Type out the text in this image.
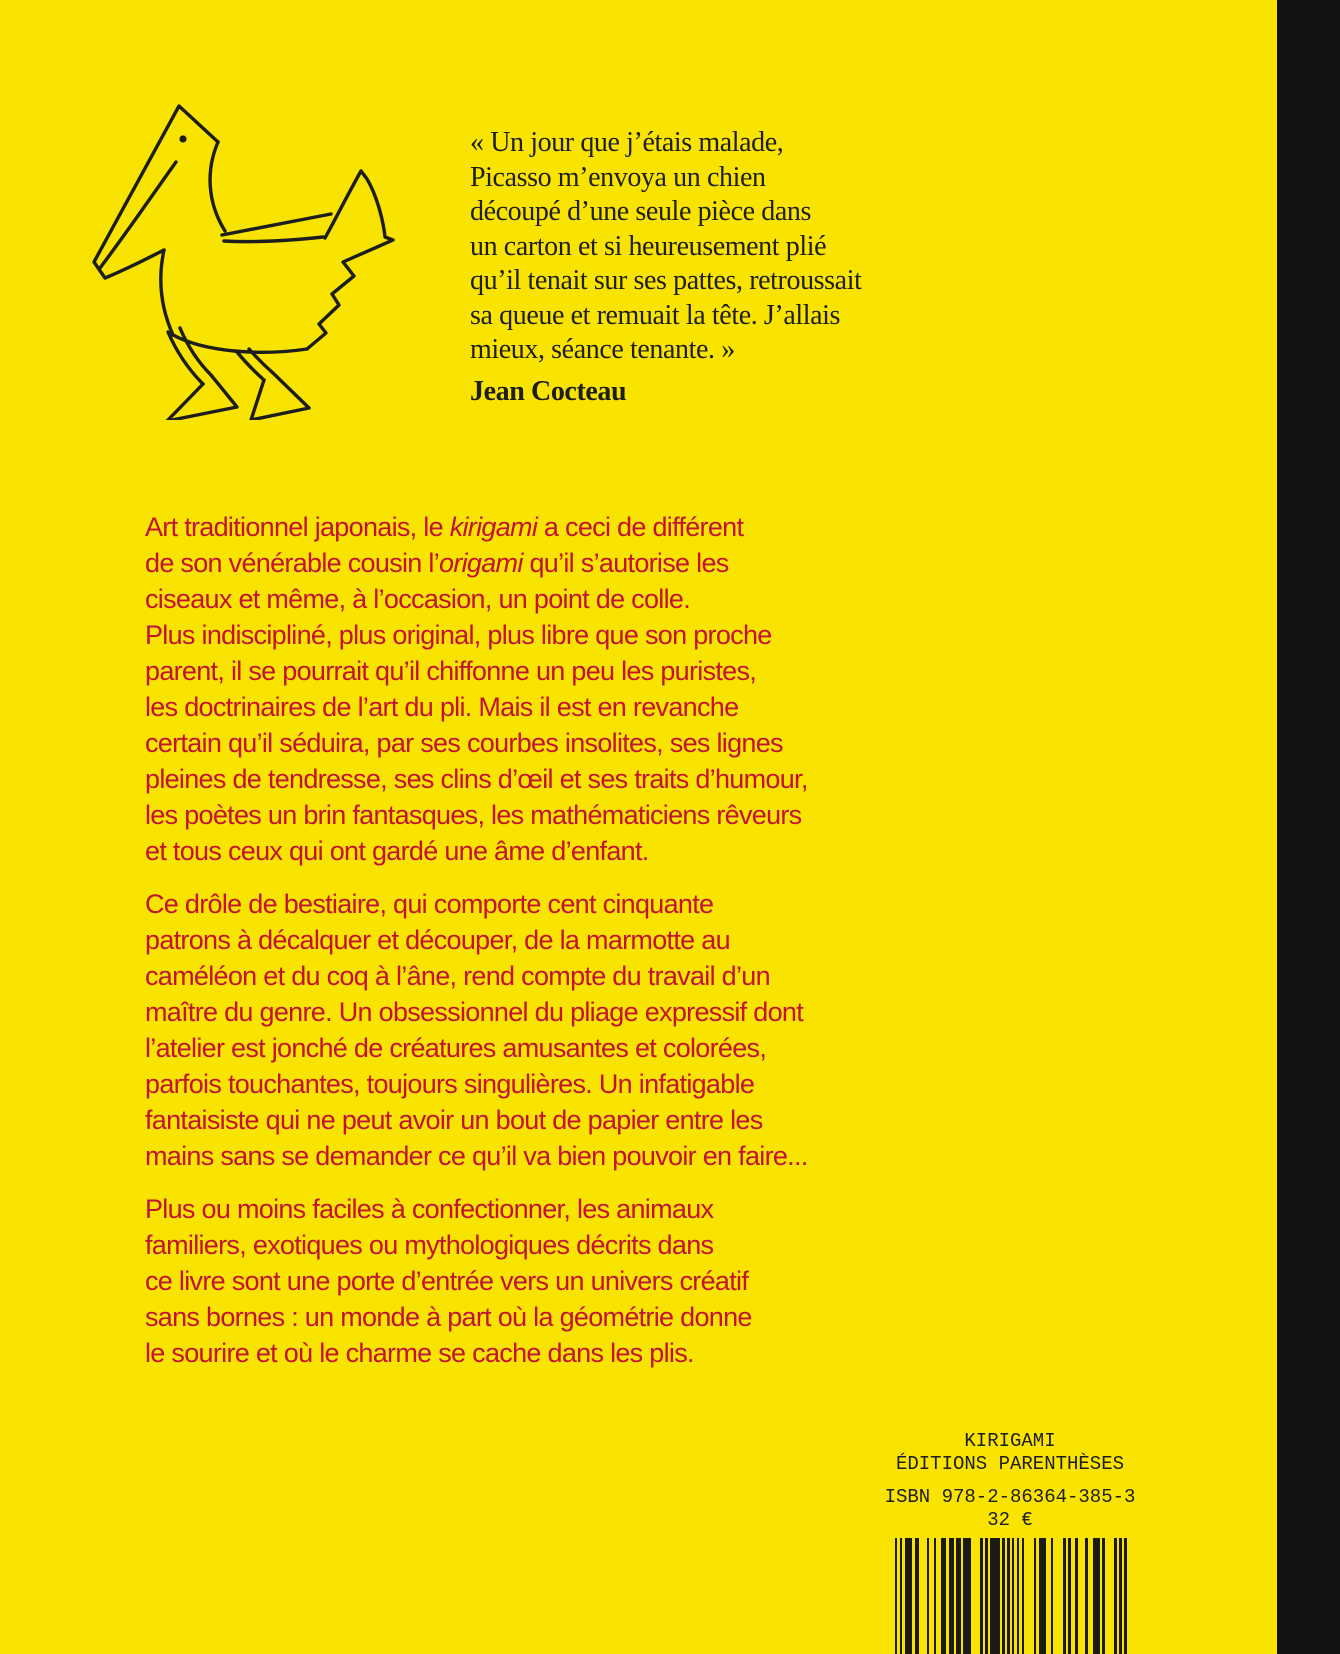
« Un jour que j’étais malade,
Picasso m’envoya un chien
découpé d’une seule pièce dans
un carton et si heureusement plié
qu’il tenait sur ses pattes, retroussait
sa queue et remuait la tête. J’allais
mieux, séance tenante. »
Jean Cocteau
Art traditionnel japonais, le kirigami a ceci de différent
de son vénérable cousin l’origami qu’il s’autorise les
ciseaux et même, à l’occasion, un point de colle.
Plus indiscipliné, plus original, plus libre que son proche
parent, il se pourrait qu’il chiffonne un peu les puristes,
les doctrinaires de l’art du pli. Mais il est en revanche
certain qu’il séduira, par ses courbes insolites, ses lignes
pleines de tendresse, ses clins d’œil et ses traits d’humour,
les poètes un brin fantasques, les mathématiciens rêveurs
et tous ceux qui ont gardé une âme d’enfant.
Ce drôle de bestiaire, qui comporte cent cinquante
patrons à décalquer et découper, de la marmotte au
caméléon et du coq à l’âne, rend compte du travail d’un
maître du genre. Un obsessionnel du pliage expressif dont
l’atelier est jonché de créatures amusantes et colorées,
parfois touchantes, toujours singulières. Un infatigable
fantaisiste qui ne peut avoir un bout de papier entre les
mains sans se demander ce qu’il va bien pouvoir en faire...
Plus ou moins faciles à confectionner, les animaux
familiers, exotiques ou mythologiques décrits dans
ce livre sont une porte d’entrée vers un univers créatif
sans bornes : un monde à part où la géométrie donne
le sourire et où le charme se cache dans les plis.
KIRIGAMI
ÉDITIONS PARENTHÈSES
ISBN 978-2-86364-385-3
32 €
